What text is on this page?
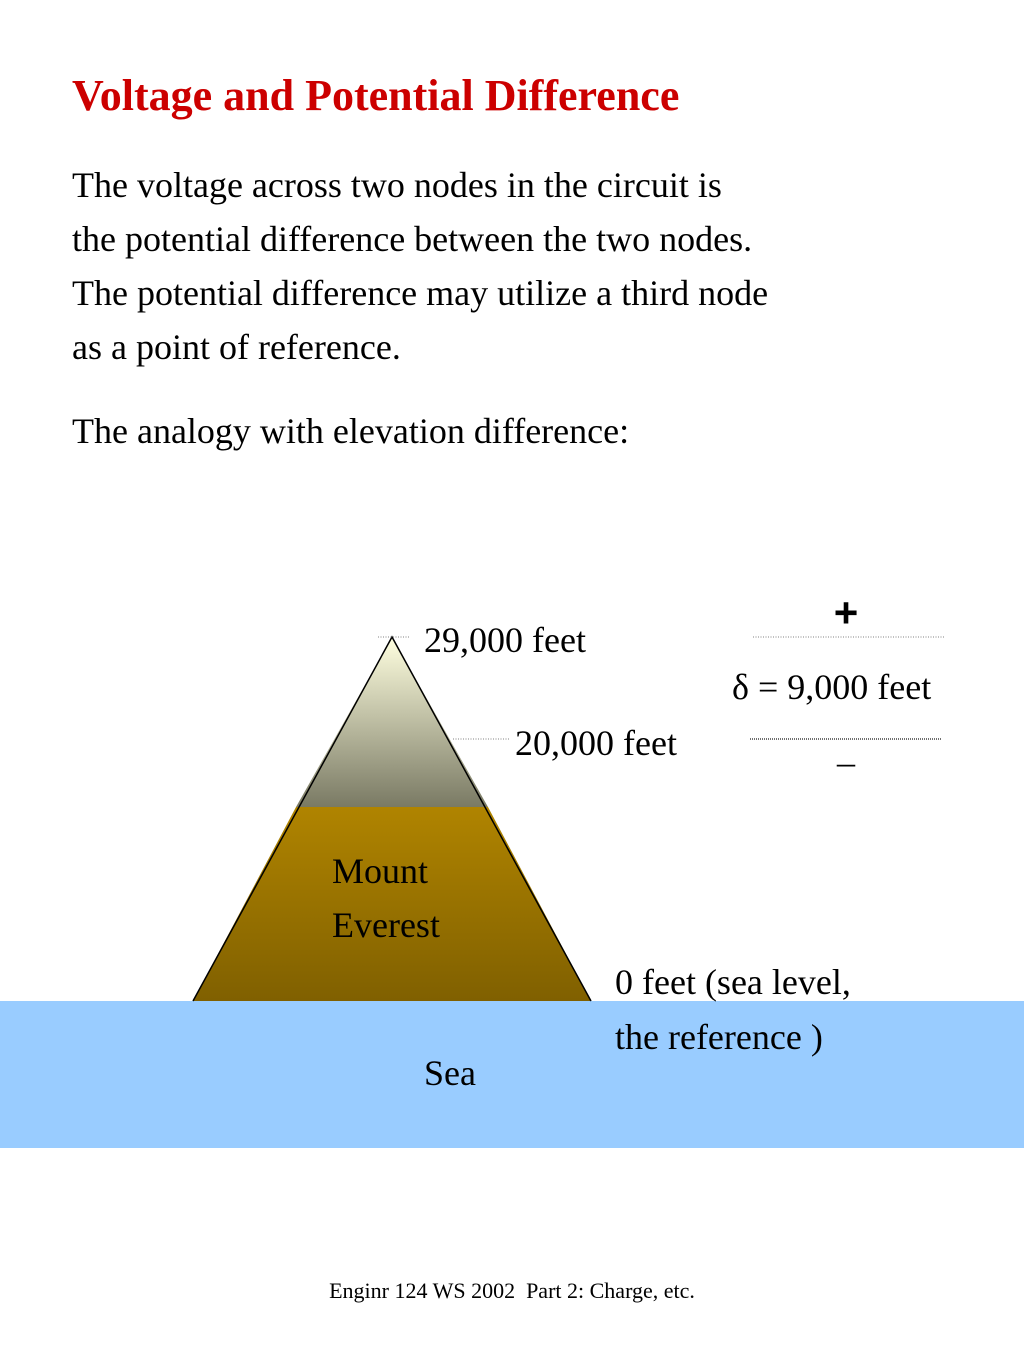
Voltage and Potential Difference

The voltage across two nodes in the circuit is
the potential difference between the two nodes.
The potential difference may utilize a third node
as a point of reference.

The analogy with elevation difference:

29,000 feet
20,000 feet
+
δ = 9,000 feet
_
Mount
Everest
0 feet (sea level,
the reference )
Sea
Enginr 124 WS 2002  Part 2: Charge, etc.
